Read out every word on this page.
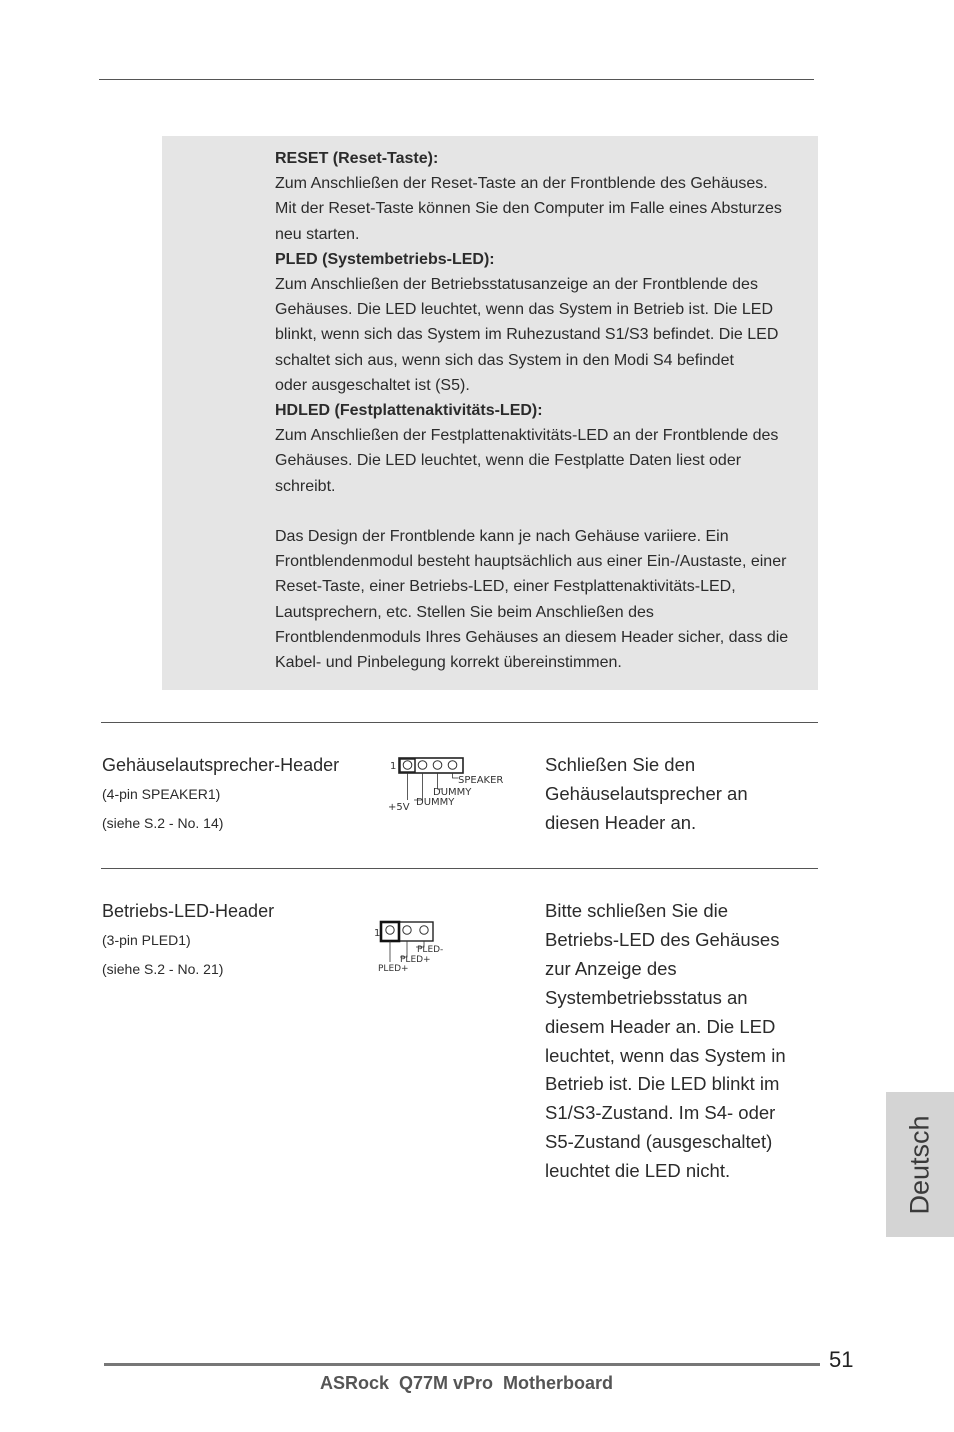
RESET (Reset-Taste):
Zum Anschließen der Reset-Taste an der Frontblende des Gehäuses.
Mit der Reset-Taste können Sie den Computer im Falle eines Absturzes
neu starten.
PLED (Systembetriebs-LED):
Zum Anschließen der Betriebsstatusanzeige an der Frontblende des
Gehäuses. Die LED leuchtet, wenn das System in Betrieb ist. Die LED
blinkt, wenn sich das System im Ruhezustand S1/S3 befindet. Die LED
schaltet sich aus, wenn sich das System in den Modi S4 befindet
oder ausgeschaltet ist (S5).
HDLED (Festplattenaktivitäts-LED):
Zum Anschließen der Festplattenaktivitäts-LED an der Frontblende des
Gehäuses. Die LED leuchtet, wenn die Festplatte Daten liest oder
schreibt.
Das Design der Frontblende kann je nach Gehäuse variiere. Ein
Frontblendenmodul besteht hauptsächlich aus einer Ein-/Austaste, einer
Reset-Taste, einer Betriebs-LED, einer Festplattenaktivitäts-LED,
Lautsprechern, etc. Stellen Sie beim Anschließen des
Frontblendenmoduls Ihres Gehäuses an diesem Header sicher, dass die
Kabel- und Pinbelegung korrekt übereinstimmen.
Gehäuselautsprecher-Header
(4-pin SPEAKER1)
(siehe S.2 - No. 14)
1
SPEAKER
DUMMY
DUMMY
+5V
Schließen Sie den
Gehäuselautsprecher an
diesen Header an.
Betriebs-LED-Header
(3-pin PLED1)
(siehe S.2 - No. 21)
1
PLED-
PLED+
PLED+
Bitte schließen Sie die
Betriebs-LED des Gehäuses
zur Anzeige des
Systembetriebsstatus an
diesem Header an. Die LED
leuchtet, wenn das System in
Betrieb ist. Die LED blinkt im
S1/S3-Zustand. Im S4- oder
S5-Zustand (ausgeschaltet)
leuchtet die LED nicht.	Deutsch
51
ASRock  Q77M vPro  Motherboard
